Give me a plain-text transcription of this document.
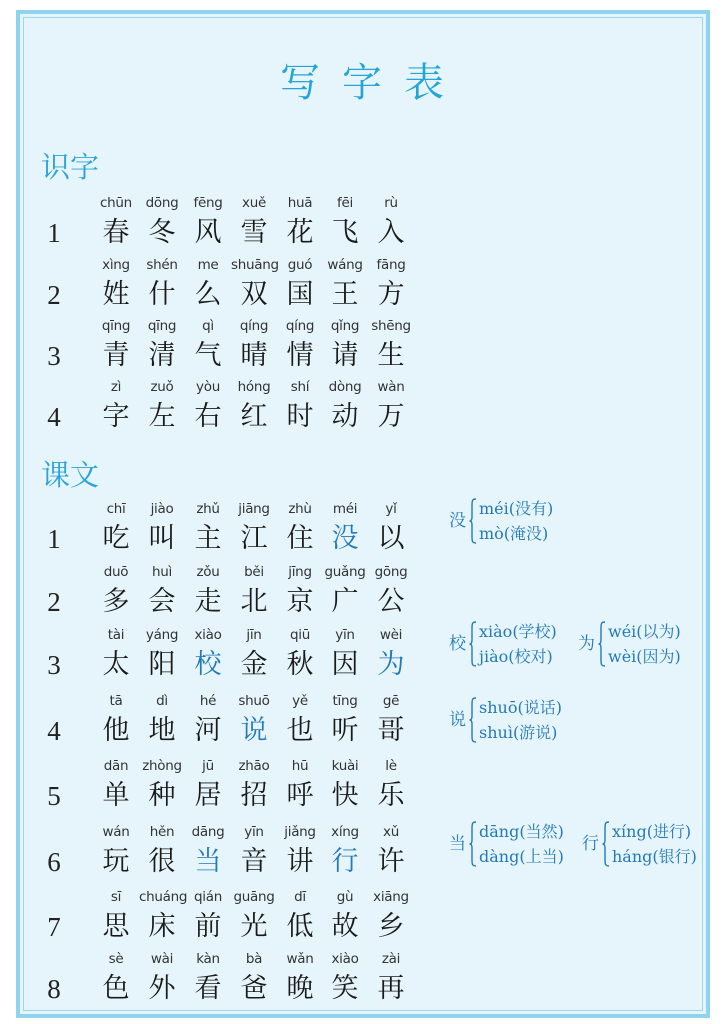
写字表
识字
课文
1
chūn
春
dōng
冬
fēng
风
xuě
雪
huā
花
fēi
飞
rù
入
2
xìng
姓
shén
什
me
么
shuāng
双
guó
国
wáng
王
fāng
方
3
qīng
青
qīng
清
qì
气
qíng
晴
qíng
情
qǐng
请
shēng
生
4
zì
字
zuǒ
左
yòu
右
hóng
红
shí
时
dòng
动
wàn
万
1
chī
吃
jiào
叫
zhǔ
主
jiāng
江
zhù
住
méi
没
yǐ
以
2
duō
多
huì
会
zǒu
走
běi
北
jīng
京
guǎng
广
gōng
公
3
tài
太
yáng
阳
xiào
校
jīn
金
qiū
秋
yīn
因
wèi
为
4
tā
他
dì
地
hé
河
shuō
说
yě
也
tīng
听
gē
哥
5
dān
单
zhòng
种
jū
居
zhāo
招
hū
呼
kuài
快
lè
乐
6
wán
玩
hěn
很
dāng
当
yīn
音
jiǎng
讲
xíng
行
xǔ
许
7
sī
思
chuáng
床
qián
前
guāng
光
dī
低
gù
故
xiāng
乡
8
sè
色
wài
外
kàn
看
bà
爸
wǎn
晚
xiào
笑
zài
再
没
méi(没有)
mò(淹没)
校
xiào(学校)
jiào(校对)
为
wéi(以为)
wèi(因为)
说
shuō(说话)
shuì(游说)
当
dāng(当然)
dàng(上当)
行
xíng(进行)
háng(银行)
